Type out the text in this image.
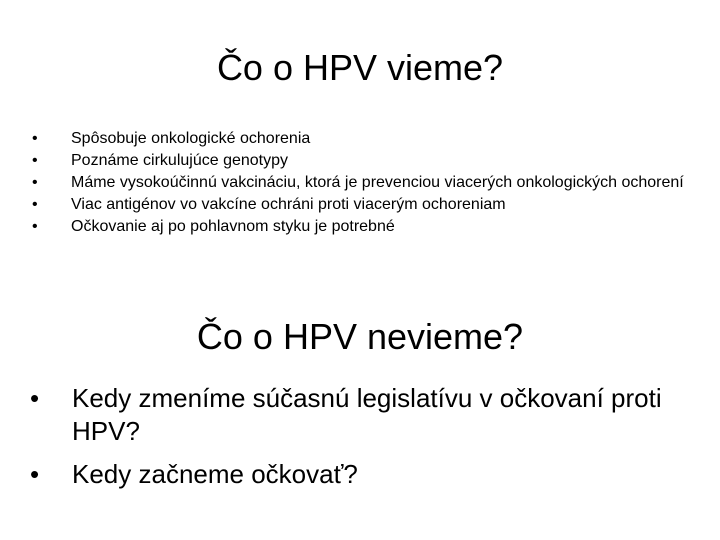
Čo o HPV vieme?
• Spôsobuje onkologické ochorenia
• Poznáme cirkulujúce genotypy
• Máme vysokoúčinnú vakcináciu, ktorá je prevenciou viacerých onkologických ochorení
• Viac antigénov vo vakcíne ochráni proti viacerým ochoreniam
• Očkovanie aj po pohlavnom styku je potrebné
Čo o HPV nevieme?
• Kedy zmeníme súčasnú legislatívu v očkovaní proti HPV?
• Kedy začneme očkovať?
